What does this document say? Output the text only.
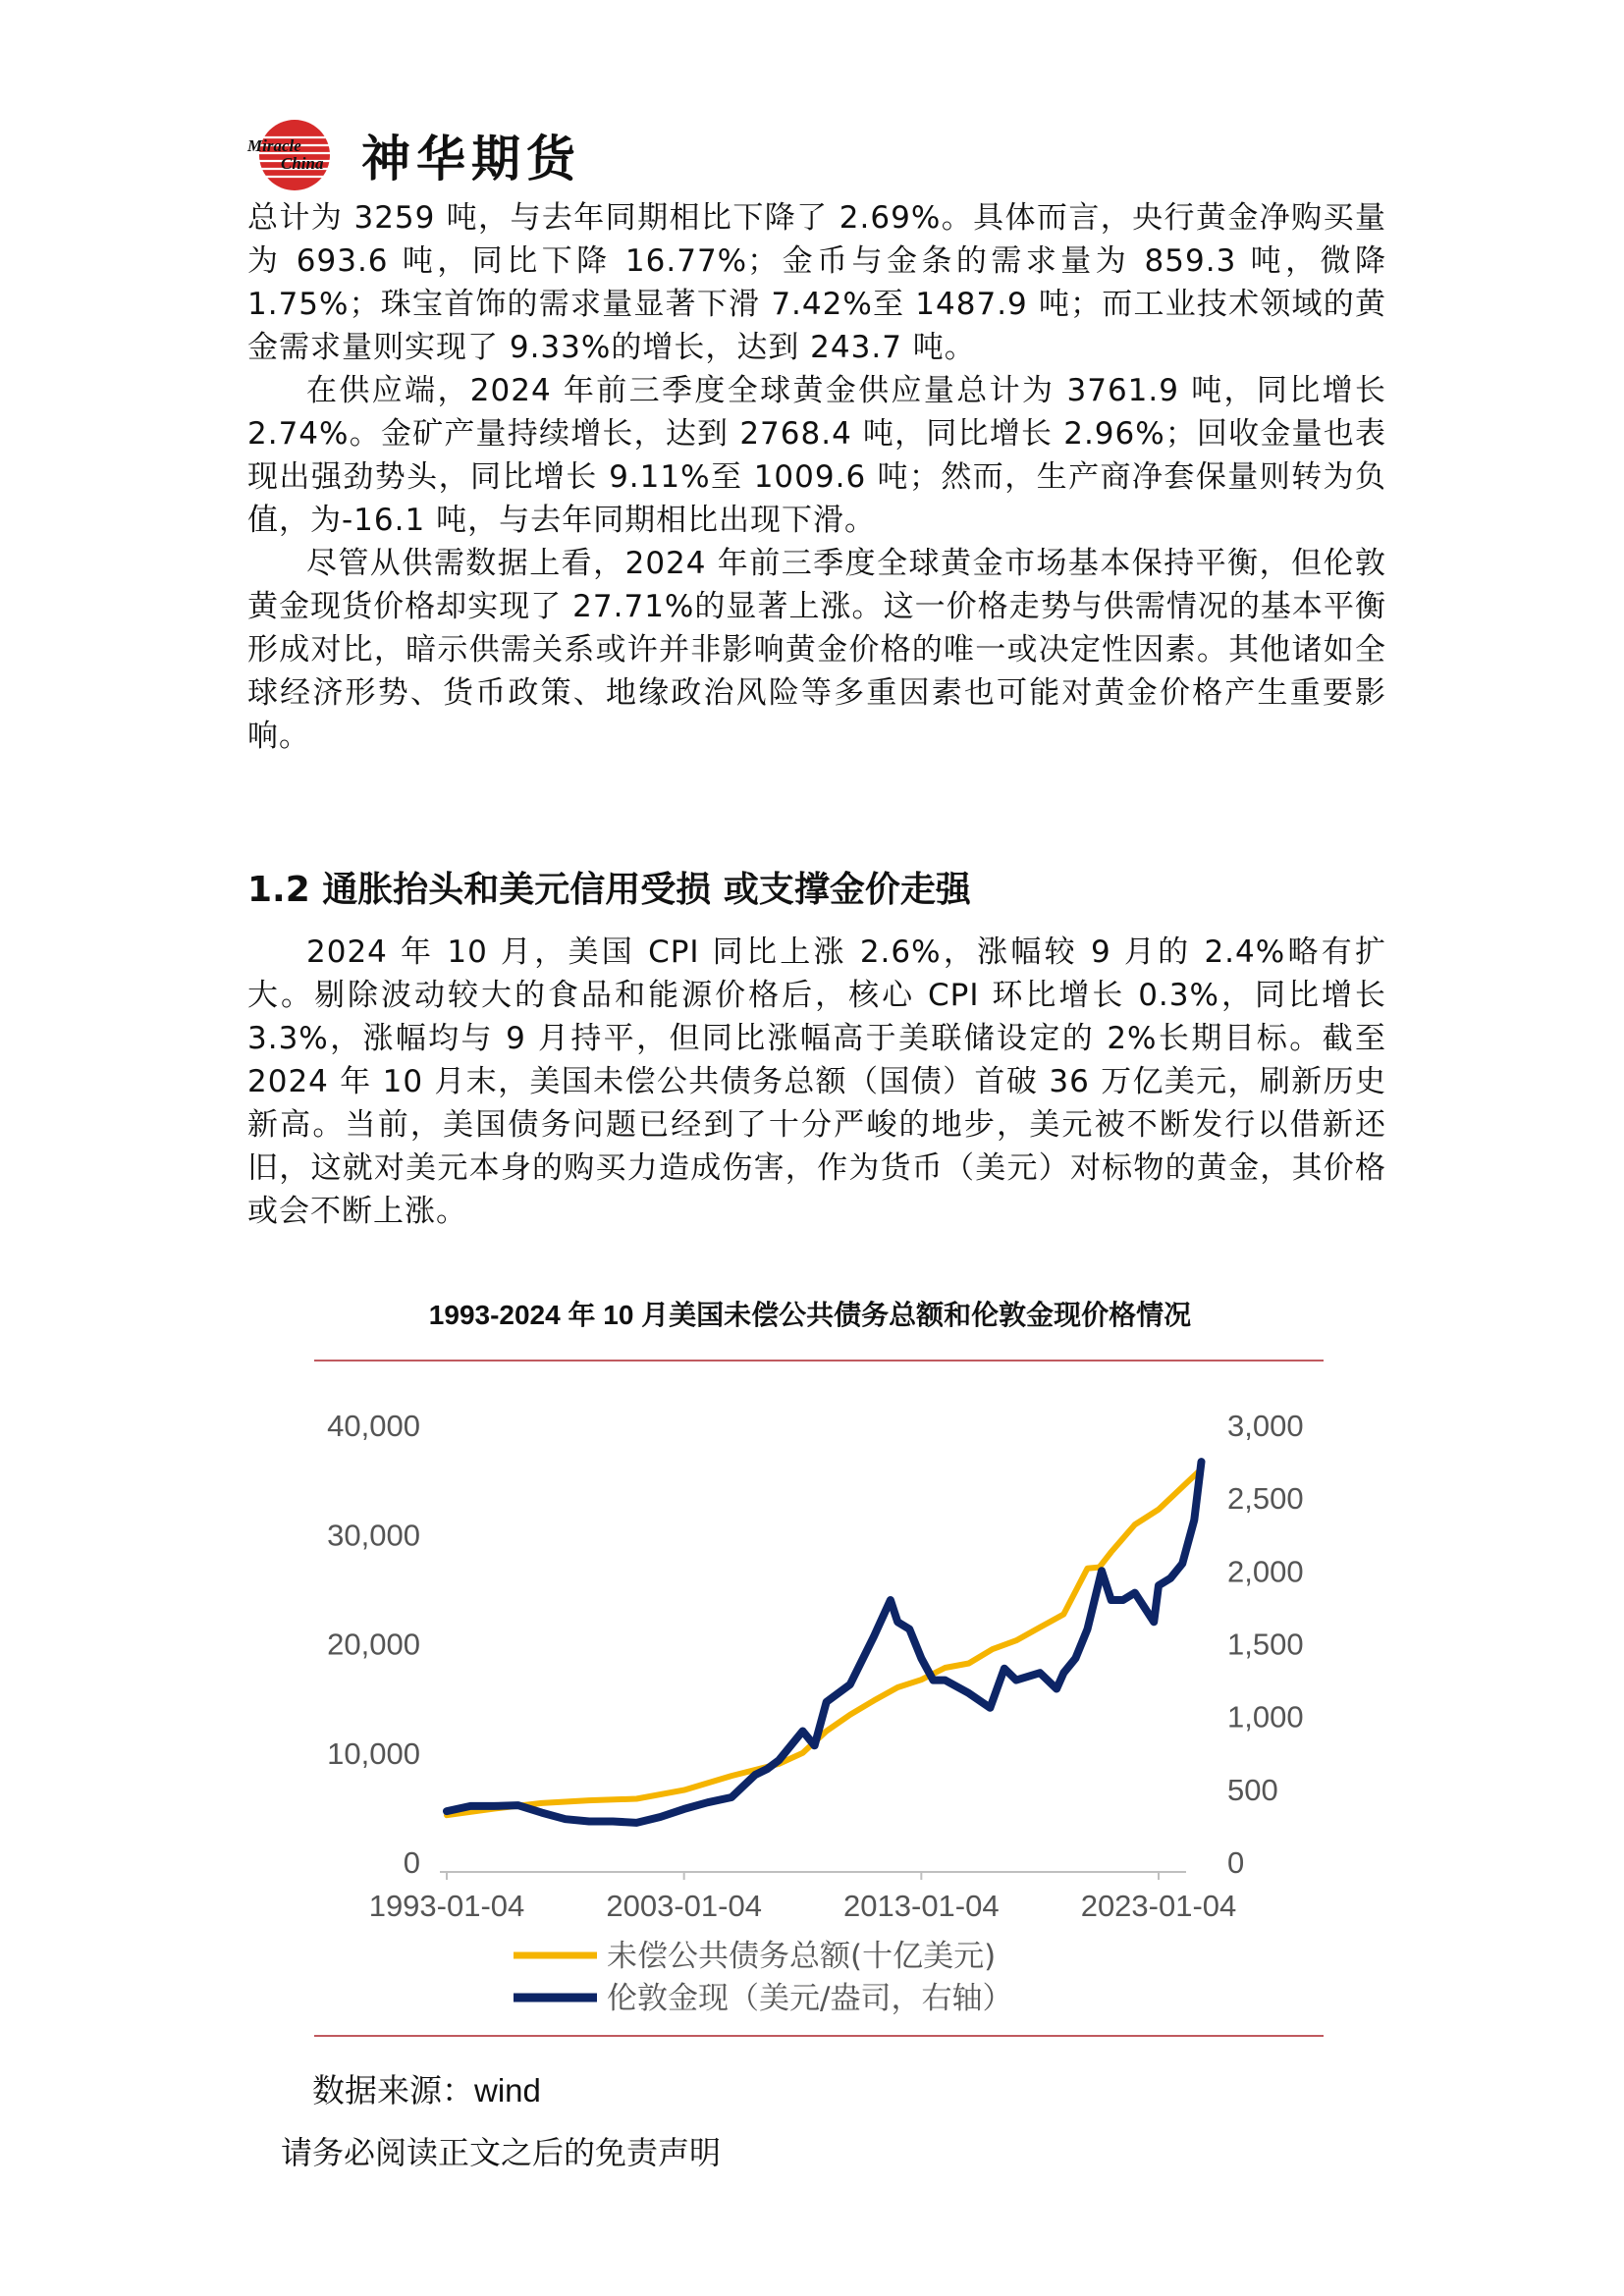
Miracle
China 神华期货

总计为 3259 吨，与去年同期相比下降了 2.69%。具体而言，央行黄金净购买量为 693.6 吨，同比下降 16.77%；金币与金条的需求量为 859.3 吨，微降 1.75%；珠宝首饰的需求量显著下滑 7.42%至 1487.9 吨；而工业技术领域的黄金需求量则实现了 9.33%的增长，达到 243.7 吨。

在供应端，2024 年前三季度全球黄金供应量总计为 3761.9 吨，同比增长 2.74%。金矿产量持续增长，达到 2768.4 吨，同比增长 2.96%；回收金量也表现出强劲势头，同比增长 9.11%至 1009.6 吨；然而，生产商净套保量则转为负值，为-16.1 吨，与去年同期相比出现下滑。

尽管从供需数据上看，2024 年前三季度全球黄金市场基本保持平衡，但伦敦黄金现货价格却实现了 27.71%的显著上涨。这一价格走势与供需情况的基本平衡形成对比，暗示供需关系或许并非影响黄金价格的唯一或决定性因素。其他诸如全球经济形势、货币政策、地缘政治风险等多重因素也可能对黄金价格产生重要影响。

1.2 通胀抬头和美元信用受损 或支撑金价走强

2024 年 10 月，美国 CPI 同比上涨 2.6%，涨幅较 9 月的 2.4%略有扩大。剔除波动较大的食品和能源价格后，核心 CPI 环比增长 0.3%，同比增长 3.3%，涨幅均与 9 月持平，但同比涨幅高于美联储设定的 2%长期目标。截至 2024 年 10 月末，美国未偿公共债务总额（国债）首破 36 万亿美元，刷新历史新高。当前，美国债务问题已经到了十分严峻的地步，美元被不断发行以借新还旧，这就对美元本身的购买力造成伤害，作为货币（美元）对标物的黄金，其价格或会不断上涨。

1993-2024 年 10 月美国未偿公共债务总额和伦敦金现价格情况
40,000
30,000
20,000
10,000
0
3,000
2,500
2,000
1,500
1,000
500
0
1993-01-04	2003-01-04	2013-01-04	2023-01-04
未偿公共债务总额(十亿美元)
伦敦金现（美元/盎司，右轴）
数据来源：wind
请务必阅读正文之后的免责声明
